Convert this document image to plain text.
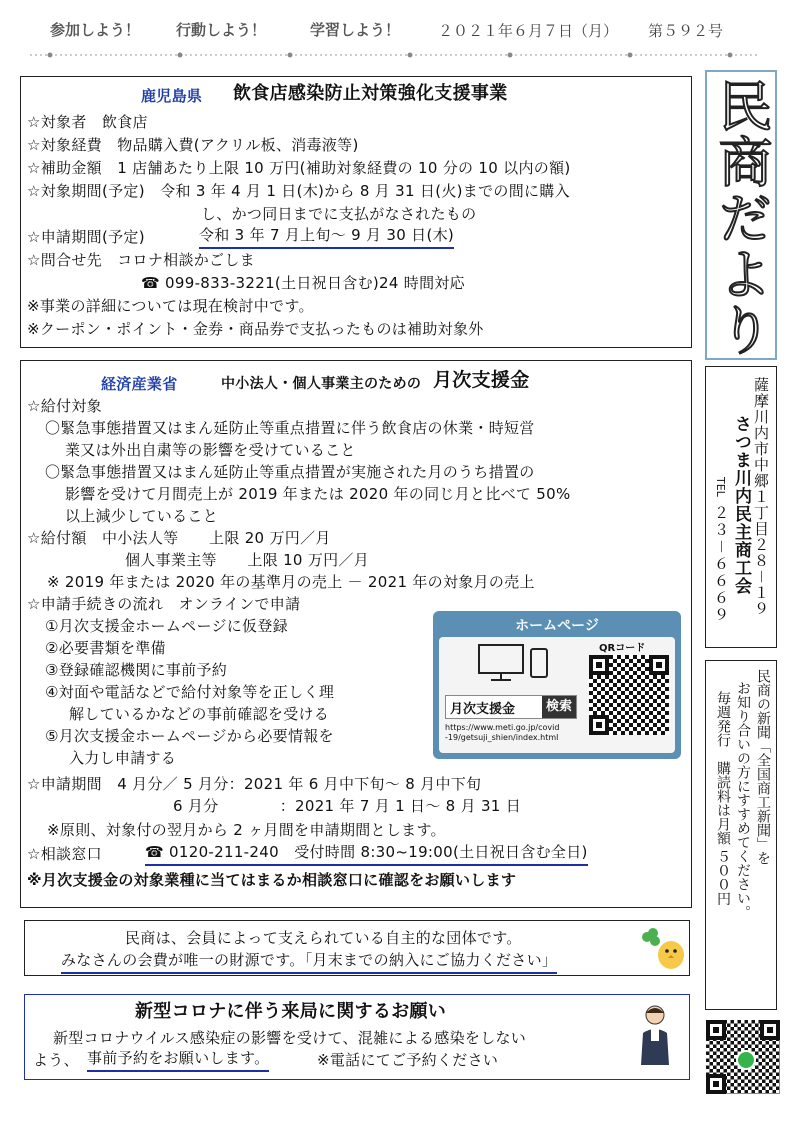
参加しよう！ 行動しよう！	学習しよう！	２０２１年６月７日（月） 第５９２号
民商だより
薩摩川内市中郷１丁目２８－１９
さつま川内民主商工会
TEL
２３－６６６９
民商の新聞「全国商工新聞」を
お知り合いの方にすすめてください。
毎週発行　購読料は月額 ５００円
鹿児島県 飲食店感染防止対策強化支援事業
☆対象者　飲食店
☆対象経費　物品購入費(アクリル板、消毒液等)
☆補助金額　1 店舗あたり上限 10 万円(補助対象経費の 10 分の 10 以内の額)
☆対象期間(予定)　令和 3 年 4 月 1 日(木)から 8 月 31 日(火)までの間に購入
し、かつ同日までに支払がなされたもの
☆申請期間(予定)	令和 3 年 7 月上旬～ 9 月 30 日(木)
☆問合せ先　コロナ相談かごしま
☎ 099-833-3221(土日祝日含む)24 時間対応
※事業の詳細については現在検討中です。
※クーポン・ポイント・金券・商品券で支払ったものは補助対象外
経済産業省	中小法人・個人事業主のための 月次支援金
☆給付対象
〇緊急事態措置又はまん延防止等重点措置に伴う飲食店の休業・時短営
業又は外出自粛等の影響を受けていること
〇緊急事態措置又はまん延防止等重点措置が実施された月のうち措置の
影響を受けて月間売上が 2019 年または 2020 年の同じ月と比べて 50%
以上減少していること
☆給付額　中小法人等　　上限 20 万円／月
個人事業主等　　上限 10 万円／月
※ 2019 年または 2020 年の基準月の売上 － 2021 年の対象月の売上
☆申請手続きの流れ　オンラインで申請
①月次支援金ホームページに仮登録
②必要書類を準備
③登録確認機関に事前予約
④対面や電話などで給付対象等を正しく理
解しているかなどの事前確認を受ける
⑤月次支援金ホームページから必要情報を
入力し申請する
☆申請期間　4 月分／ 5 月分：2021 年 6 月中下旬～ 8 月中下旬
6 月分　　　　：2021 年 7 月 1 日～ 8 月 31 日
※原則、対象付の翌月から 2 ヶ月間を申請期間とします。
☆相談窓口	☎ 0120-211-240　受付時間 8:30~19:00(土日祝日含む全日)
※月次支援金の対象業種に当てはまるか相談窓口に確認をお願いします
ホームページ
月次支援金	検索
https://www.meti.go.jp/covid
-19/getsuji_shien/index.html
QRコード
民商は、会員によって支えられている自主的な団体です。
みなさんの会費が唯一の財源です。「月末までの納入にご協力ください」
新型コロナに伴う来局に関するお願い
新型コロナウイルス感染症の影響を受けて、混雑による感染をしない
よう、 事前予約をお願いします。	※電話にてご予約ください
